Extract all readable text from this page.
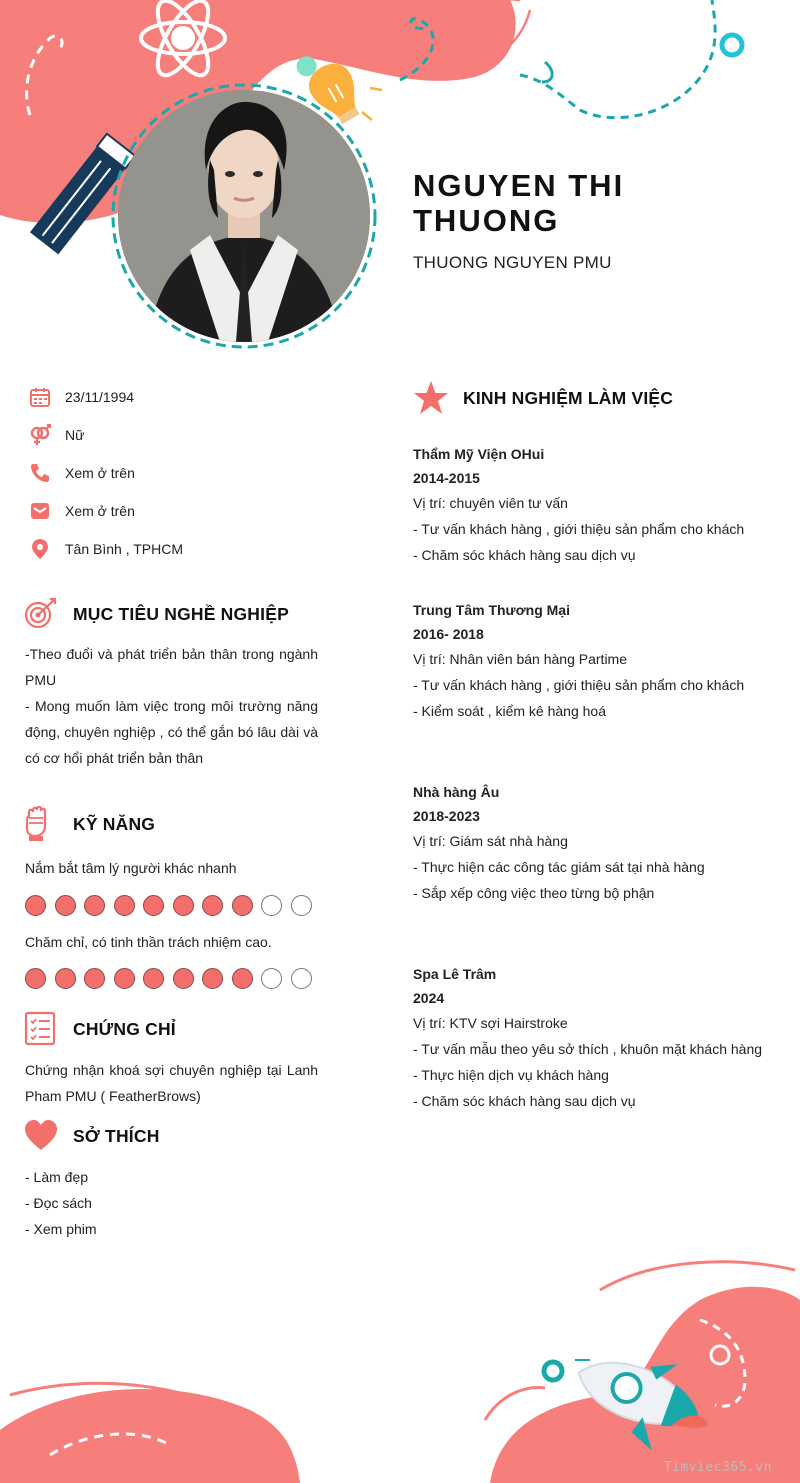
NGUYEN THI THUONG
THUONG NGUYEN PMU
23/11/1994
Nữ
Xem ở trên
Xem ở trên
Tân Bình , TPHCM
MỤC TIÊU NGHỀ NGHIỆP

-Theo đuổi và phát triển bản thân trong ngành PMU

- Mong muốn làm việc trong môi trường năng động, chuyên nghiệp , có thể gắn bó lâu dài và có cơ hổi phát triển bản thân

KỸ NĂNG
Nắm bắt tâm lý người khác nhanh
Chăm chỉ, có tinh thần trách nhiệm cao.
CHỨNG CHỈ
Chứng nhận khoá sợi chuyên nghiệp tại Lanh Pham PMU ( FeatherBrows)
SỞ THÍCH
- Làm đẹp
- Đọc sách
- Xem phim
KINH NGHIỆM LÀM VIỆC
Thẩm Mỹ Viện OHui
2014-2015
Vị trí: chuyên viên tư vấn
- Tư vấn khách hàng , giới thiệu sản phẩm cho khách
- Chăm sóc khách hàng sau dịch vụ
Trung Tâm Thương Mại
2016- 2018
Vị trí: Nhân viên bán hàng Partime
- Tư vấn khách hàng , giới thiệu sản phẩm cho khách
- Kiểm soát , kiểm kê hàng hoá
Nhà hàng Âu
2018-2023
Vị trí: Giám sát nhà hàng
- Thực hiện các công tác giám sát tại nhà hàng
- Sắp xếp công việc theo từng bộ phận
Spa Lê Trâm
2024
Vị trí: KTV sợi Hairstroke
- Tư vấn mẫu theo yêu sở thích , khuôn mặt khách hàng
- Thực hiện dịch vụ khách hàng
- Chăm sóc khách hàng sau dịch vụ
Timviec365.vn
